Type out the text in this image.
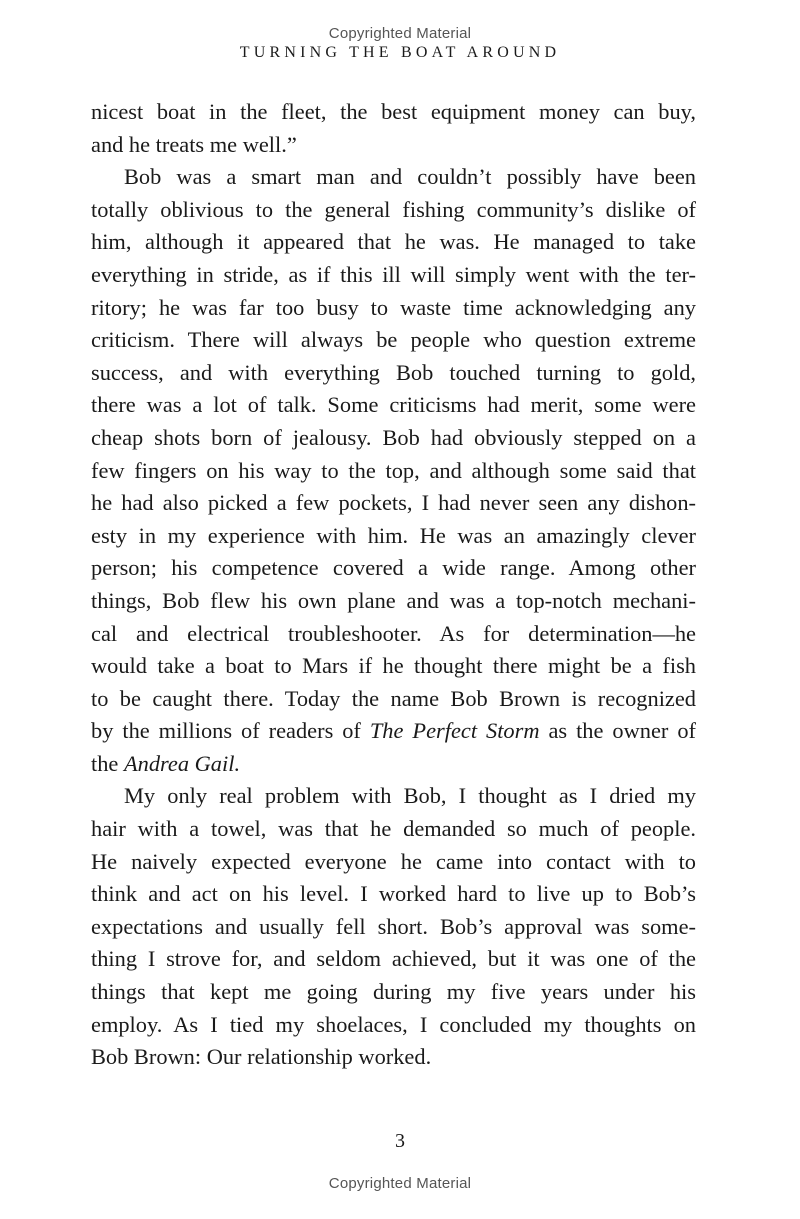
Copyrighted Material
TURNING THE BOAT AROUND
nicest boat in the fleet, the best equipment money can buy,
and he treats me well.”
Bob was a smart man and couldn’t possibly have been
totally oblivious to the general fishing community’s dislike of
him, although it appeared that he was. He managed to take
everything in stride, as if this ill will simply went with the ter-
ritory; he was far too busy to waste time acknowledging any
criticism. There will always be people who question extreme
success, and with everything Bob touched turning to gold,
there was a lot of talk. Some criticisms had merit, some were
cheap shots born of jealousy. Bob had obviously stepped on a
few fingers on his way to the top, and although some said that
he had also picked a few pockets, I had never seen any dishon-
esty in my experience with him. He was an amazingly clever
person; his competence covered a wide range. Among other
things, Bob flew his own plane and was a top-notch mechani-
cal and electrical troubleshooter. As for determination—he
would take a boat to Mars if he thought there might be a fish
to be caught there. Today the name Bob Brown is recognized
by the millions of readers of The Perfect Storm as the owner of
the Andrea Gail.
My only real problem with Bob, I thought as I dried my
hair with a towel, was that he demanded so much of people.
He naively expected everyone he came into contact with to
think and act on his level. I worked hard to live up to Bob’s
expectations and usually fell short. Bob’s approval was some-
thing I strove for, and seldom achieved, but it was one of the
things that kept me going during my five years under his
employ. As I tied my shoelaces, I concluded my thoughts on
Bob Brown: Our relationship worked.
3
Copyrighted Material
